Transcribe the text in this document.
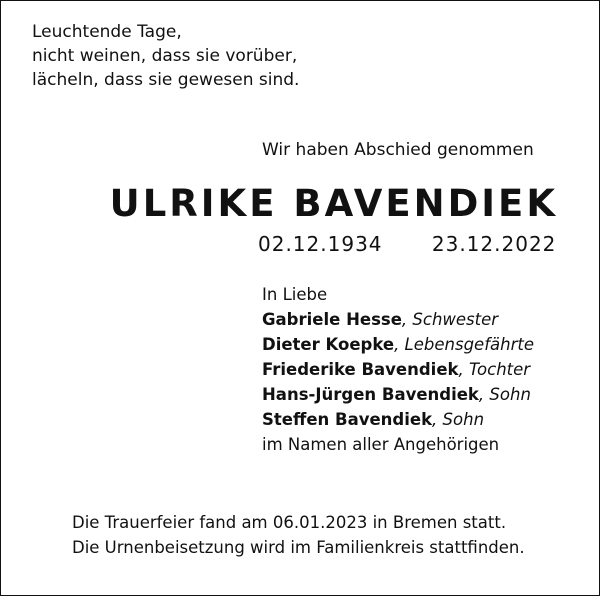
Leuchtende Tage,
nicht weinen, dass sie vorüber,
lächeln, dass sie gewesen sind.
Wir haben Abschied genommen
ULRIKE BAVENDIEK
02.12.1934 23.12.2022
In Liebe
Gabriele Hesse, Schwester
Dieter Koepke, Lebensgefährte
Friederike Bavendiek, Tochter
Hans-Jürgen Bavendiek, Sohn
Steffen Bavendiek, Sohn
im Namen aller Angehörigen
Die Trauerfeier fand am 06.01.2023 in Bremen statt.
Die Urnenbeisetzung wird im Familienkreis stattfinden.
